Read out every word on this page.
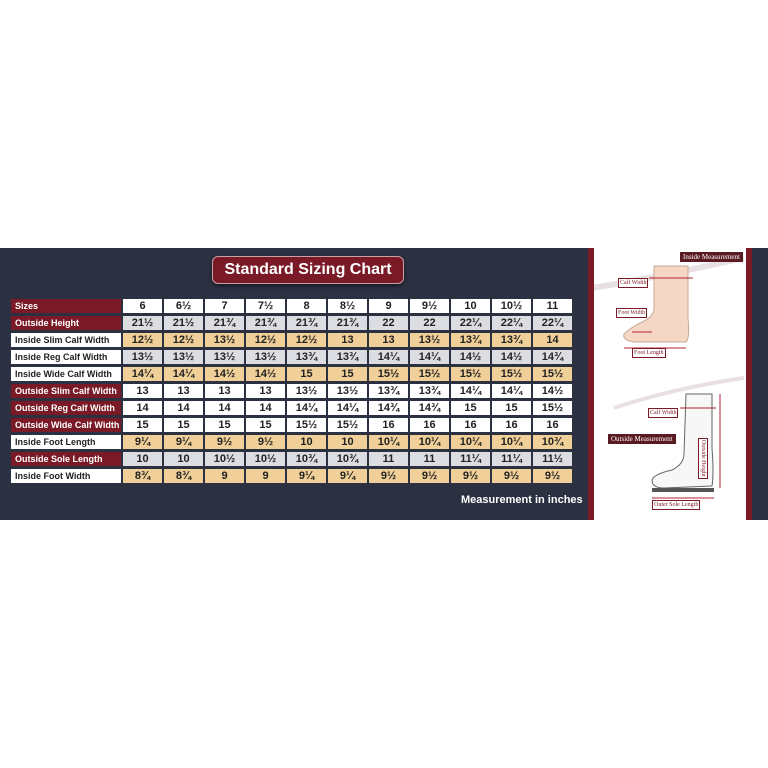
Standard Sizing Chart
Sizes	6	6½	7	7½	8	8½	9	9½	10	10½	11
Outside Height	21½	21½	21¾	21¾	21¾	21¾	22	22	22¼	22¼	22¼
Inside Slim Calf Width	12½	12½	13½	12½	12½	13	13	13½	13¾	13¾	14
Inside Reg Calf Width	13½	13½	13½	13½	13¾	13¾	14¼	14¼	14½	14½	14¾
Inside Wide Calf Width	14¼	14¼	14½	14½	15	15	15½	15½	15½	15½	15½
Outside Slim Calf Width	13	13	13	13	13½	13½	13¾	13¾	14¼	14¼	14½
Outside Reg Calf Width	14	14	14	14	14¼	14¼	14¾	14¾	15	15	15½
Outside Wide Calf Width	15	15	15	15	15½	15½	16	16	16	16	16
Inside Foot Length	9¼	9¼	9½	9½	10	10	10¼	10¼	10¼	10¼	10¾
Outside Sole Length	10	10	10½	10½	10¾	10¾	11	11	11¼	11¼	11½
Inside Foot Width	8¾	8¾	9	9	9¼	9¼	9½	9½	9½	9½	9½
Measurement in inches
Inside Measurement
Calf Width
Foot Width
Foot Length
Calf Width
Outside Measurement
Outside Height
Outer Sole Length
